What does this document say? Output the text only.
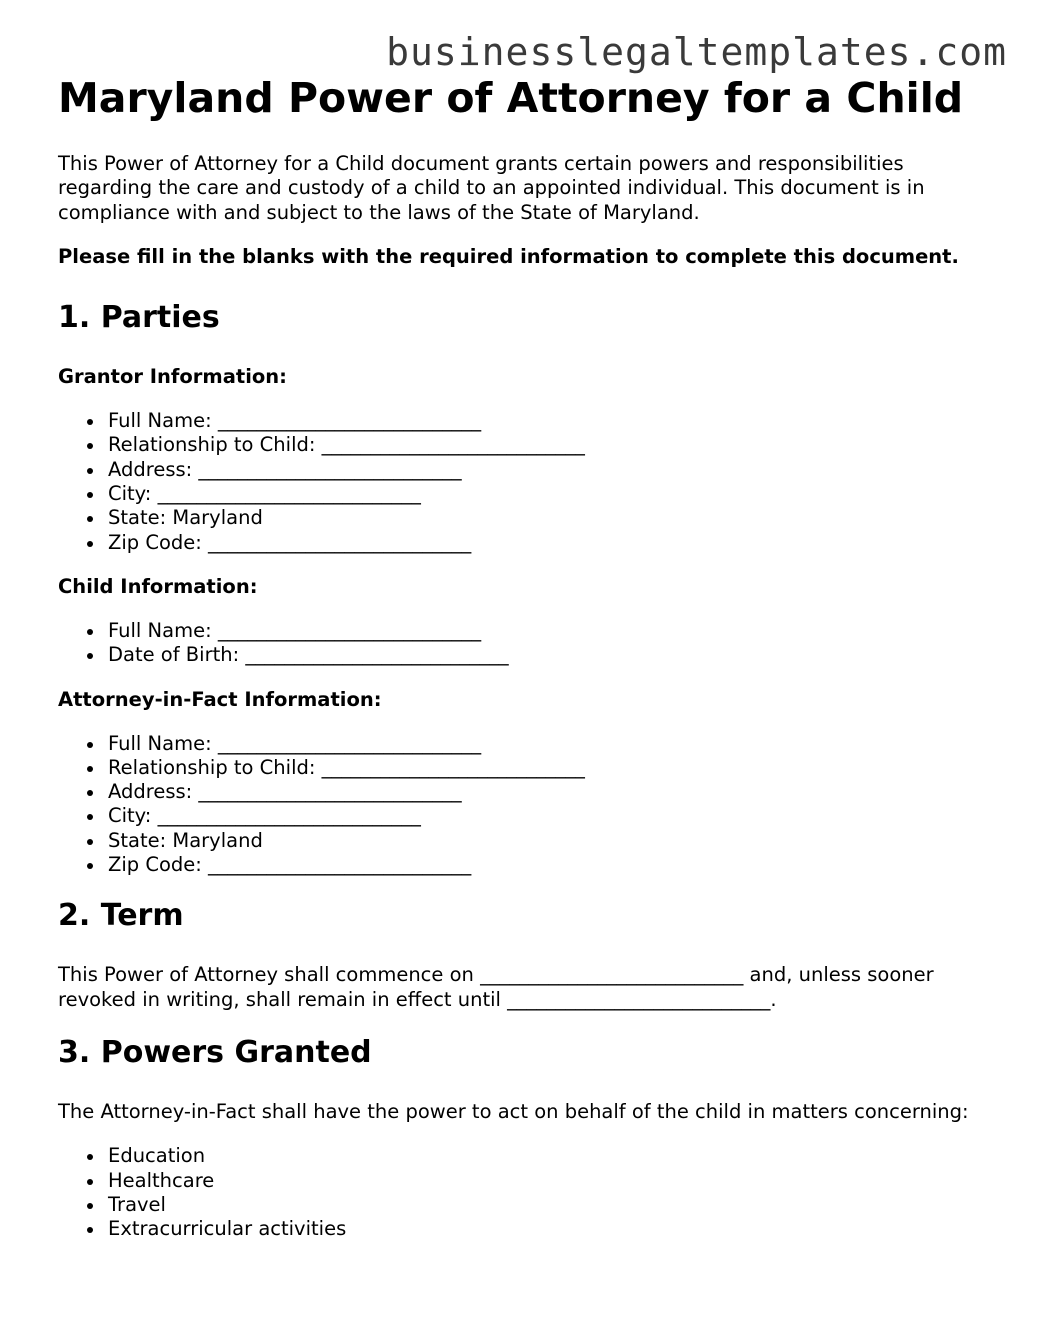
businesslegaltemplates.com
Maryland Power of Attorney for a Child

This Power of Attorney for a Child document grants certain powers and responsibilities regarding the care and custody of a child to an appointed individual. This document is in compliance with and subject to the laws of the State of Maryland.

Please fill in the blanks with the required information to complete this document.

1. Parties
Grantor Information:
Full Name: ___________________________
Relationship to Child: ___________________________
Address: ___________________________
City: ___________________________
State: Maryland
Zip Code: ___________________________
Child Information:
Full Name: ___________________________
Date of Birth: ___________________________
Attorney-in-Fact Information:
Full Name: ___________________________
Relationship to Child: ___________________________
Address: ___________________________
City: ___________________________
State: Maryland
Zip Code: ___________________________
2. Term

This Power of Attorney shall commence on ___________________________ and, unless sooner revoked in writing, shall remain in effect until ___________________________.

3. Powers Granted

The Attorney-in-Fact shall have the power to act on behalf of the child in matters concerning:

Education
Healthcare
Travel
Extracurricular activities
